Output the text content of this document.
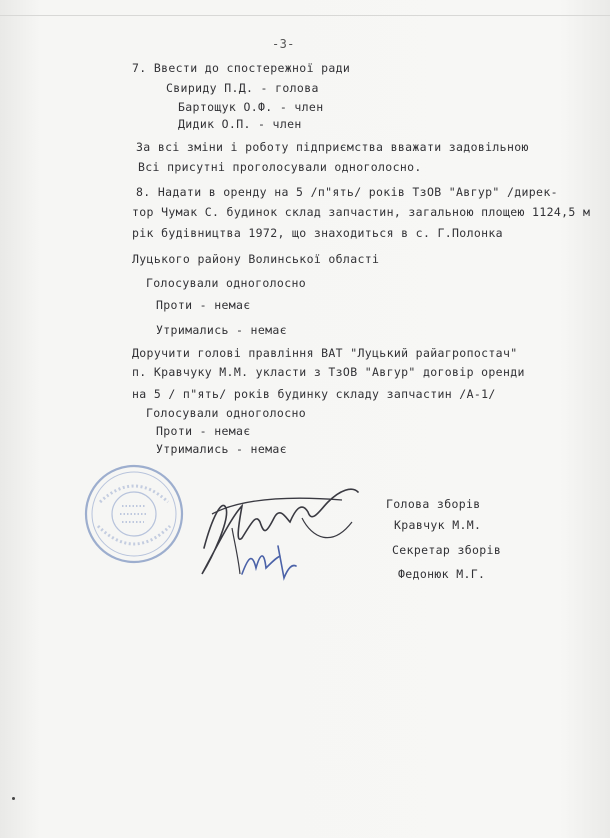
-3-
7. Ввести до спостережної ради
Свириду П.Д. - голова
Бартощук О.Ф. - член
Дидик О.П. - член
За всі зміни і роботу підприємства вважати задовільною
Всі присутні проголосували одноголосно.
8. Надати в оренду на 5 /п"ять/ років ТзОВ "Авгур" /дирек-
тор Чумак С. будинок склад запчастин, загальною площею 1124,5 м
рік будівництва 1972, що знаходиться в с. Г.Полонка
Луцького району Волинської області
Голосували одноголосно
Проти - немає
Утримались - немає
Доручити голові правління ВАТ "Луцький райагропостач"
п. Кравчуку М.М. укласти з ТзОВ "Авгур" договір оренди
на 5 / п"ять/ років будинку складу запчастин /А-1/
Голосували одноголосно
Проти - немає
Утримались - немає
Голова зборів
Кравчук М.М.
Секретар зборів
Федонюк М.Г.
